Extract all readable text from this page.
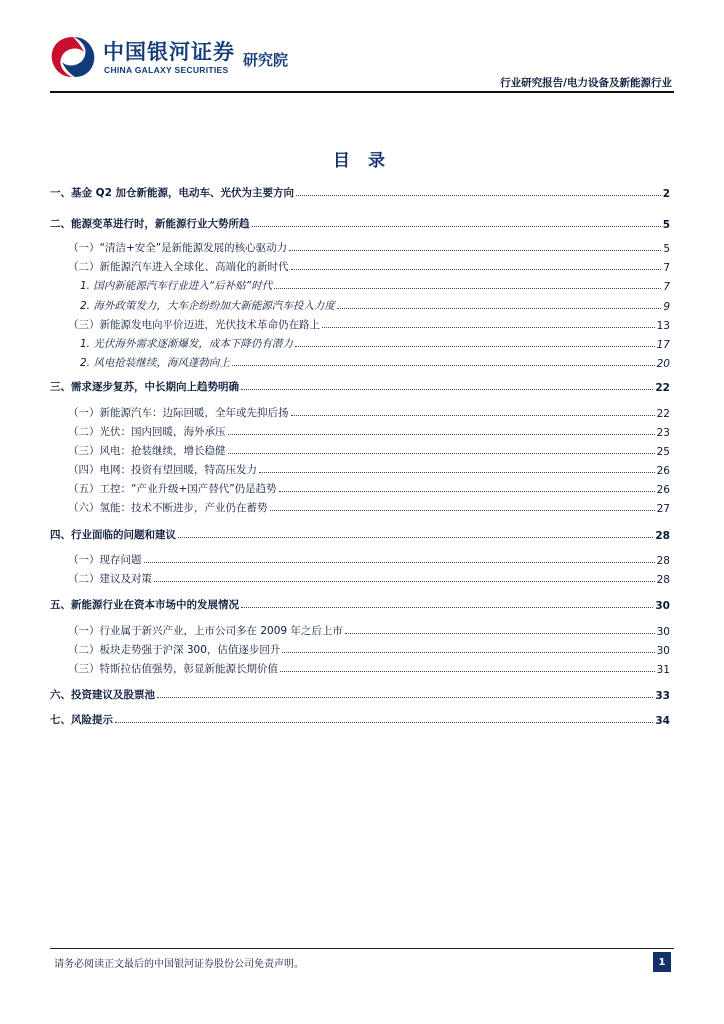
中国银河证券
CHINA GALAXY SECURITIES
研究院
行业研究报告/电力设备及新能源行业
目 录
一、基金 Q2 加仓新能源，电动车、光伏为主要方向	2
二、能源变革进行时，新能源行业大势所趋	5
（一）“清洁+安全”是新能源发展的核心驱动力	5
（二）新能源汽车进入全球化、高端化的新时代	7
1. 国内新能源汽车行业进入“后补贴”时代	7
2. 海外政策发力，大车企纷纷加大新能源汽车投入力度	9
（三）新能源发电向平价迈进，光伏技术革命仍在路上	13
1. 光伏海外需求逐渐爆发，成本下降仍有潜力	17
2. 风电抢装继续，海风蓬勃向上	20
三、需求逐步复苏，中长期向上趋势明确	22
（一）新能源汽车：边际回暖，全年或先抑后扬	22
（二）光伏：国内回暖，海外承压	23
（三）风电：抢装继续，增长稳健	25
（四）电网：投资有望回暖，特高压发力	26
（五）工控：“产业升级+国产替代”仍是趋势	26
（六）氢能：技术不断进步，产业仍在蓄势	27
四、行业面临的问题和建议	28
（一）现存问题	28
（二）建议及对策	28
五、新能源行业在资本市场中的发展情况	30
（一）行业属于新兴产业，上市公司多在 2009 年之后上市	30
（二）板块走势强于沪深 300，估值逐步回升	30
（三）特斯拉估值强势，彰显新能源长期价值	31
六、投资建议及股票池	33
七、风险提示	34
请务必阅读正文最后的中国银河证券股份公司免责声明。	1
